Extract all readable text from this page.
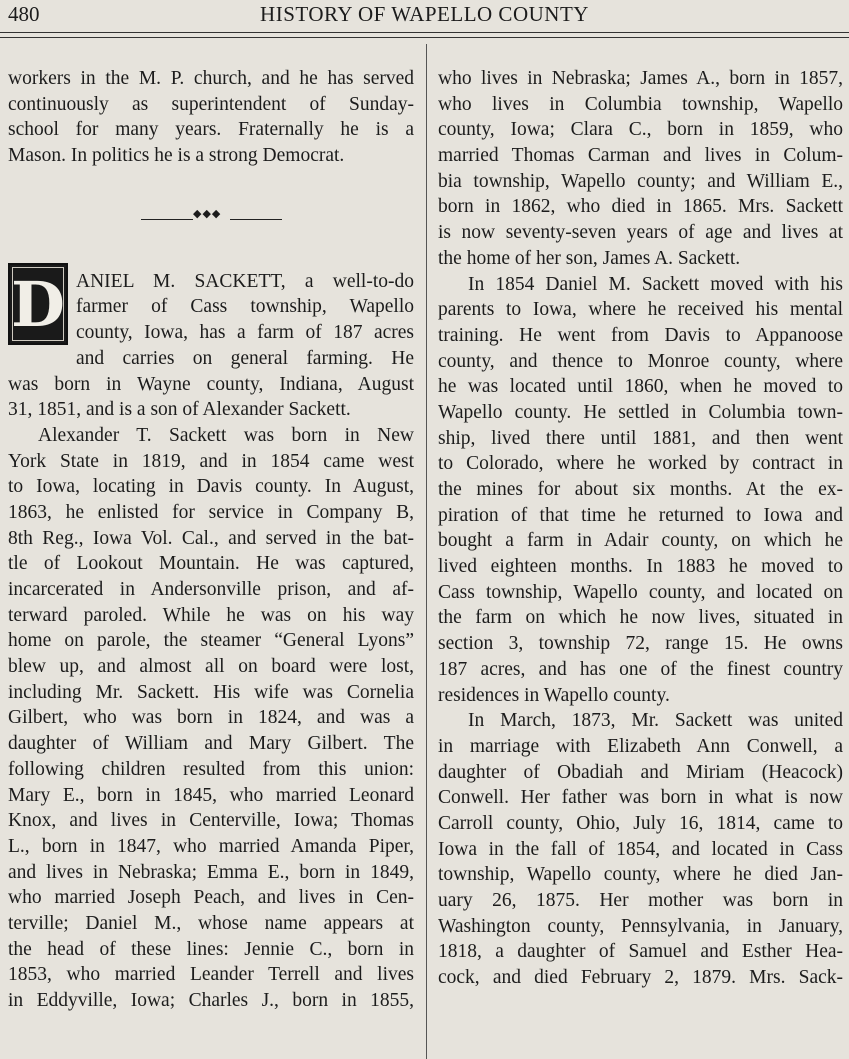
480	HISTORY OF WAPELLO COUNTY
workers in the M. P. church, and he has served
continuously as superintendent of Sunday-
school for many years. Fraternally he is a
Mason. In politics he is a strong Democrat.
◆◆◆
D ANIEL M. SACKETT, a well-to-do
farmer of Cass township, Wapello
county, Iowa, has a farm of 187 acres
and carries on general farming. He
was born in Wayne county, Indiana, August
31, 1851, and is a son of Alexander Sackett.
Alexander T. Sackett was born in New
York State in 1819, and in 1854 came west
to Iowa, locating in Davis county. In August,
1863, he enlisted for service in Company B,
8th Reg., Iowa Vol. Cal., and served in the bat-
tle of Lookout Mountain. He was captured,
incarcerated in Andersonville prison, and af-
terward paroled. While he was on his way
home on parole, the steamer “General Lyons”
blew up, and almost all on board were lost,
including Mr. Sackett. His wife was Cornelia
Gilbert, who was born in 1824, and was a
daughter of William and Mary Gilbert. The
following children resulted from this union:
Mary E., born in 1845, who married Leonard
Knox, and lives in Centerville, Iowa; Thomas
L., born in 1847, who married Amanda Piper,
and lives in Nebraska; Emma E., born in 1849,
who married Joseph Peach, and lives in Cen-
terville; Daniel M., whose name appears at
the head of these lines: Jennie C., born in
1853, who married Leander Terrell and lives
in Eddyville, Iowa; Charles J., born in 1855,
who lives in Nebraska; James A., born in 1857,
who lives in Columbia township, Wapello
county, Iowa; Clara C., born in 1859, who
married Thomas Carman and lives in Colum-
bia township, Wapello county; and William E.,
born in 1862, who died in 1865. Mrs. Sackett
is now seventy-seven years of age and lives at
the home of her son, James A. Sackett.
In 1854 Daniel M. Sackett moved with his
parents to Iowa, where he received his mental
training. He went from Davis to Appanoose
county, and thence to Monroe county, where
he was located until 1860, when he moved to
Wapello county. He settled in Columbia town-
ship, lived there until 1881, and then went
to Colorado, where he worked by contract in
the mines for about six months. At the ex-
piration of that time he returned to Iowa and
bought a farm in Adair county, on which he
lived eighteen months. In 1883 he moved to
Cass township, Wapello county, and located on
the farm on which he now lives, situated in
section 3, township 72, range 15. He owns
187 acres, and has one of the finest country
residences in Wapello county.
In March, 1873, Mr. Sackett was united
in marriage with Elizabeth Ann Conwell, a
daughter of Obadiah and Miriam (Heacock)
Conwell. Her father was born in what is now
Carroll county, Ohio, July 16, 1814, came to
Iowa in the fall of 1854, and located in Cass
township, Wapello county, where he died Jan-
uary 26, 1875. Her mother was born in
Washington county, Pennsylvania, in January,
1818, a daughter of Samuel and Esther Hea-
cock, and died February 2, 1879. Mrs. Sack-
